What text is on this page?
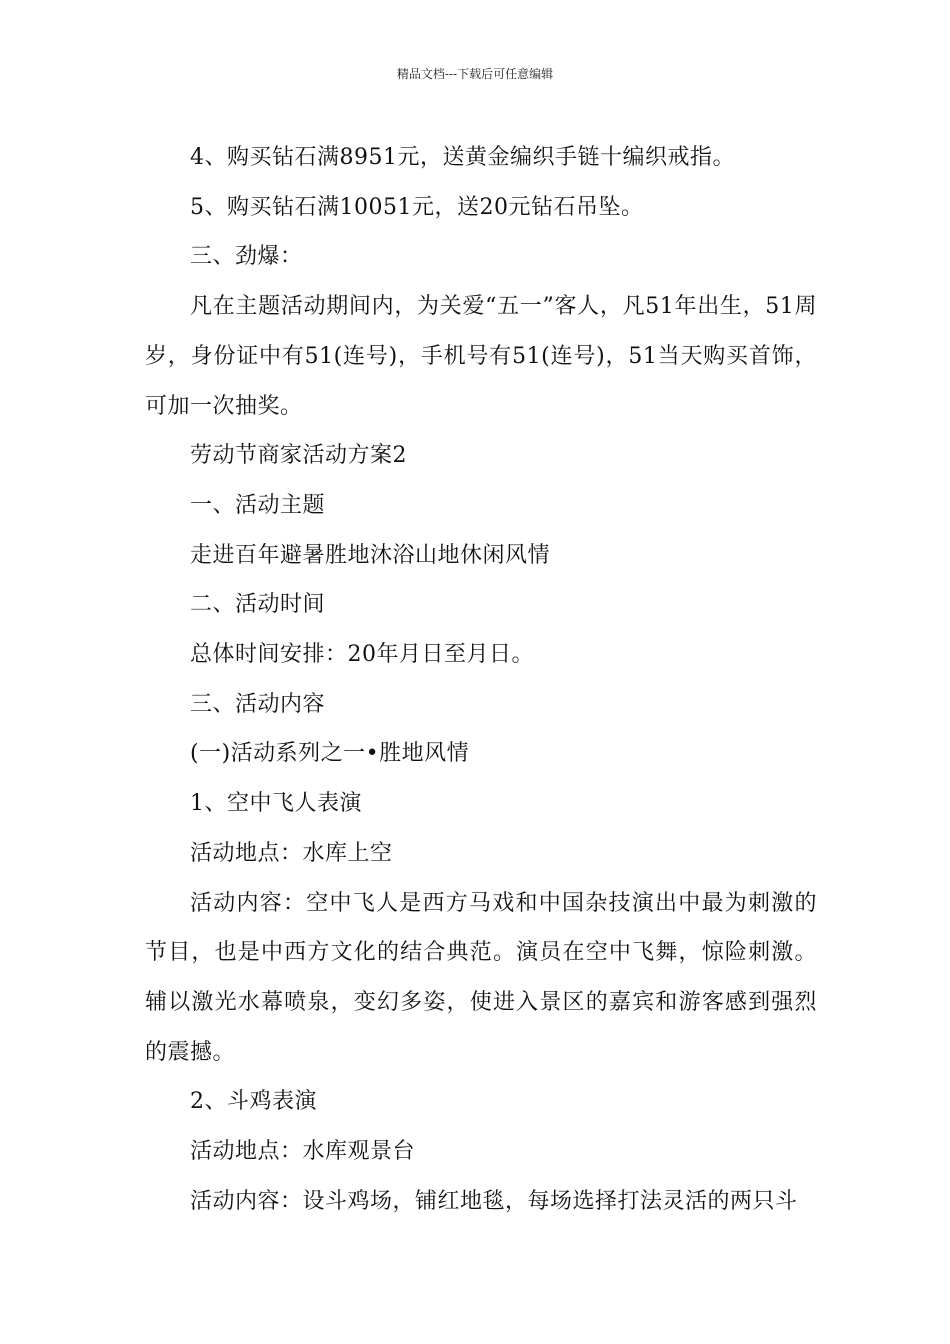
精品文档---下载后可任意编辑

4、购买钻石满8951元，送黄金编织手链十编织戒指。

5、购买钻石满10051元，送20元钻石吊坠。

三、劲爆：

凡在主题活动期间内，为关爱“五一”客人，凡51年出生，51周岁，身份证中有51(连号)，手机号有51(连号)，51当天购买首饰，可加一次抽奖。

劳动节商家活动方案2

一、活动主题

走进百年避暑胜地沐浴山地休闲风情

二、活动时间

总体时间安排：20年月日至月日。

三、活动内容

(一)活动系列之一•胜地风情

1、空中飞人表演

活动地点：水库上空

活动内容：空中飞人是西方马戏和中国杂技演出中最为刺激的节目，也是中西方文化的结合典范。演员在空中飞舞，惊险刺激。辅以激光水幕喷泉，变幻多姿，使进入景区的嘉宾和游客感到强烈的震撼。

2、斗鸡表演

活动地点：水库观景台

活动内容：设斗鸡场，铺红地毯，每场选择打法灵活的两只斗
